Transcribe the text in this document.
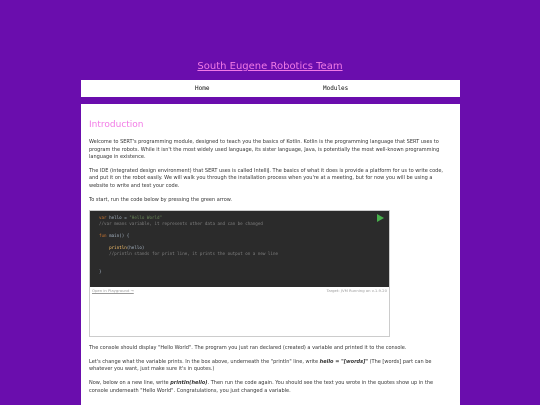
South Eugene Robotics Team
Home	Modules
Introduction

Welcome to SERT's programming module, designed to teach you the basics of Kotlin. Kotlin is the programming language that SERT uses to program the robots. While it isn't the most widely used language, its sister language, Java, is potentially the most well-known programming language in existence.

The IDE (integrated design environment) that SERT uses is called IntelliJ. The basics of what it does is provide a platform for us to write code, and put it on the robot easily. We will walk you through the installation process when you're at a meeting, but for now you will be using a website to write and test your code.

To start, run the code below by pressing the green arrow.

var hello = "Hello World"
//var means variable, it represents other data and can be changed
fun main() {
println(hello)
//println stands for print line, it prints the output on a new line
}
Open in Playground →	Target: JVM Running on v.1.9.20

The console should display "Hello World". The program you just ran declared (created) a variable and printed it to the console.

Let's change what the variable prints. In the box above, underneath the "println" line, write hello = "[words]" (The [words] part can be whatever you want, just make sure it's in quotes.)

Now, below on a new line, write println(hello). Then run the code again. You should see the text you wrote in the quotes show up in the console underneath "Hello World". Congratulations, you just changed a variable.
